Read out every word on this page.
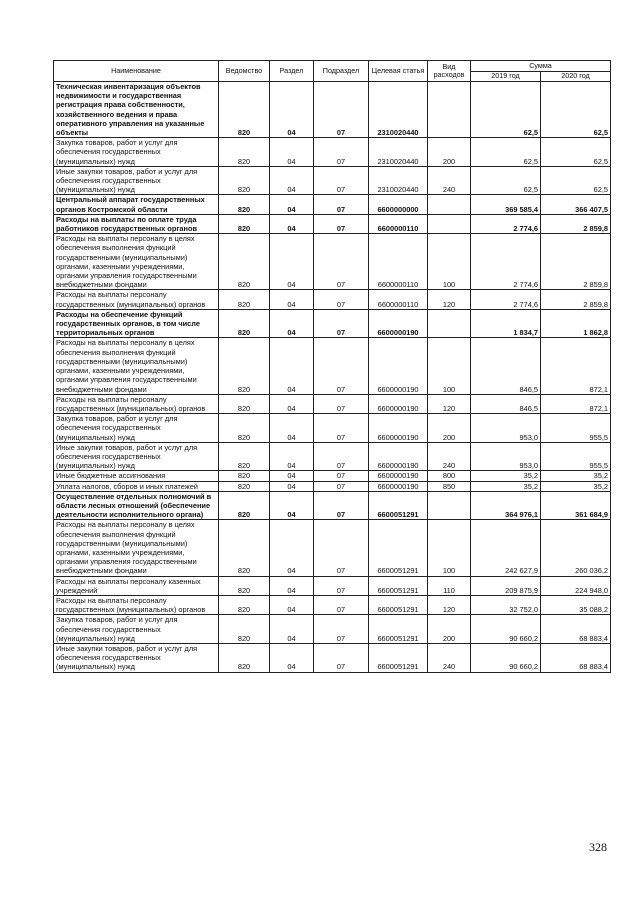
Наименование	Ведомство	Раздел	Подраздел	Целевая статья	Вид расходов	Сумма	
						2019 год	2020 год
Техническая инвентаризация объектов недвижимости и государственная регистрация права собственности, хозяйственного ведения и права оперативного управления на указанные объекты	820	04	07	2310020440		62,5	62,5
Закупка товаров, работ и услуг для обеспечения государственных (муниципальных) нужд	820	04	07	2310020440	200	62,5	62,5
Иные закупки товаров, работ и услуг для обеспечения государственных (муниципальных) нужд	820	04	07	2310020440	240	62,5	62,5
Центральный аппарат государственных органов Костромской области	820	04	07	6600000000		369 585,4	366 407,5
Расходы на выплаты по оплате труда работников государственных органов	820	04	07	6600000110		2 774,6	2 859,8
Расходы на выплаты персоналу в целях обеспечения выполнения функций государственными (муниципальными) органами, казенными учреждениями, органами управления государственными внебюджетными фондами	820	04	07	6600000110	100	2 774,6	2 859,8
Расходы на выплаты персоналу государственных (муниципальных) органов	820	04	07	6600000110	120	2 774,6	2 859,8
Расходы на обеспечение функций государственных органов, в том числе территориальных органов	820	04	07	6600000190		1 834,7	1 862,8
Расходы на выплаты персоналу в целях обеспечения выполнения функций государственными (муниципальными) органами, казенными учреждениями, органами управления государственными внебюджетными фондами	820	04	07	6600000190	100	846,5	872,1
Расходы на выплаты персоналу государственных (муниципальных) органов	820	04	07	6600000190	120	846,5	872,1
Закупка товаров, работ и услуг для обеспечения государственных (муниципальных) нужд	820	04	07	6600000190	200	953,0	955,5
Иные закупки товаров, работ и услуг для обеспечения государственных (муниципальных) нужд	820	04	07	6600000190	240	953,0	955,5
Иные бюджетные ассигнования	820	04	07	6600000190	800	35,2	35,2
Уплата налогов, сборов и иных платежей	820	04	07	6600000190	850	35,2	35,2
Осуществление отдельных полномочий в области лесных отношений (обеспечение деятельности исполнительного органа)	820	04	07	6600051291		364 976,1	361 684,9
Расходы на выплаты персоналу в целях обеспечения выполнения функций государственными (муниципальными) органами, казенными учреждениями, органами управления государственными внебюджетными фондами	820	04	07	6600051291	100	242 627,9	260 036,2
Расходы на выплаты персоналу казенных учреждений	820	04	07	6600051291	110	209 875,9	224 948,0
Расходы на выплаты персоналу государственных (муниципальных) органов	820	04	07	6600051291	120	32 752,0	35 088,2
Закупка товаров, работ и услуг для обеспечения государственных (муниципальных) нужд	820	04	07	6600051291	200	90 660,2	68 883,4
Иные закупки товаров, работ и услуг для обеспечения государственных (муниципальных) нужд	820	04	07	6600051291	240	90 660,2	68 883,4
328
